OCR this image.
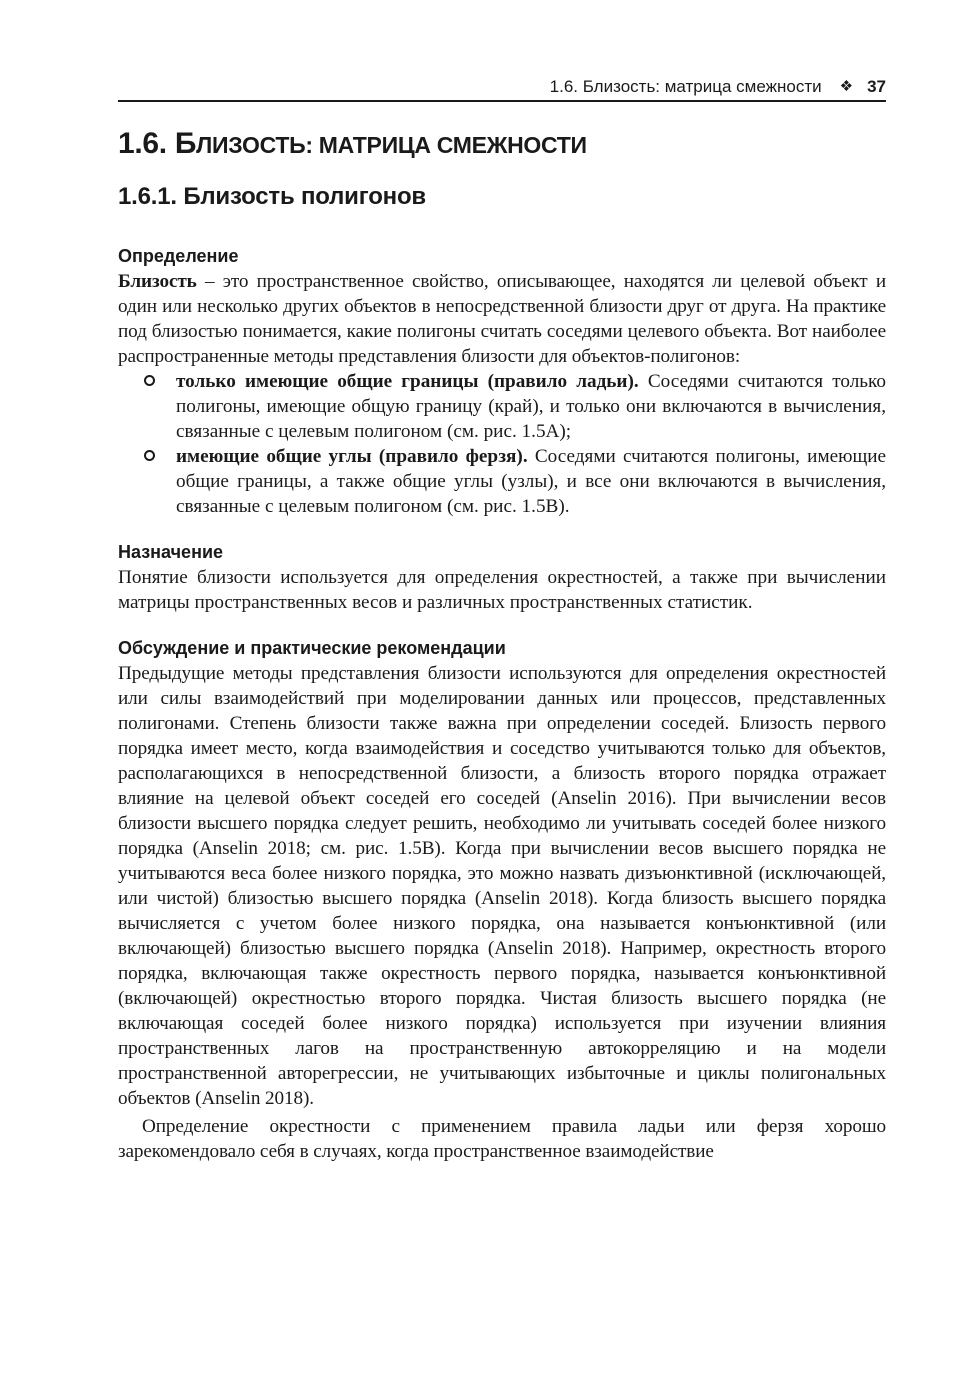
1.6. Близость: матрица смежности ❖ 37
1.6. БЛИЗОСТЬ: МАТРИЦА СМЕЖНОСТИ
1.6.1. Близость полигонов
Определение

Близость – это пространственное свойство, описывающее, находятся ли целевой объект и один или несколько других объектов в непосредственной близости друг от друга. На практике под близостью понимается, какие полигоны считать соседями целевого объекта. Вот наиболее распространенные методы представления близости для объектов-полигонов:

только имеющие общие границы (правило ладьи). Соседями считаются только полигоны, имеющие общую границу (край), и только они включаются в вычисления, связанные с целевым полигоном (см. рис. 1.5A);
имеющие общие углы (правило ферзя). Соседями считаются полигоны, имеющие общие границы, а также общие углы (узлы), и все они включаются в вычисления, связанные с целевым полигоном (см. рис. 1.5B).
Назначение

Понятие близости используется для определения окрестностей, а также при вычислении матрицы пространственных весов и различных пространственных статистик.

Обсуждение и практические рекомендации

Предыдущие методы представления близости используются для определения окрестностей или силы взаимодействий при моделировании данных или процессов, представленных полигонами. Степень близости также важна при определении соседей. Близость первого порядка имеет место, когда взаимодействия и соседство учитываются только для объектов, располагающихся в непосредственной близости, а близость второго порядка отражает влияние на целевой объект соседей его соседей (Anselin 2016). При вычислении весов близости высшего порядка следует решить, необходимо ли учитывать соседей более низкого порядка (Anselin 2018; см. рис. 1.5B). Когда при вычислении весов высшего порядка не учитываются веса более низкого порядка, это можно назвать дизъюнктивной (исключающей, или чистой) близостью высшего порядка (Anselin 2018). Когда близость высшего порядка вычисляется с учетом более низкого порядка, она называется конъюнктивной (или включающей) близостью высшего порядка (Anselin 2018). Например, окрестность второго порядка, включающая также окрестность первого порядка, называется конъюнктивной (включающей) окрестностью второго порядка. Чистая близость высшего порядка (не включающая соседей более низкого порядка) используется при изучении влияния пространственных лагов на пространственную автокорреляцию и на модели пространственной авторегрессии, не учитывающих избыточные и циклы полигональных объектов (Anselin 2018).

Определение окрестности с применением правила ладьи или ферзя хорошо зарекомендовало себя в случаях, когда пространственное взаимодействие
